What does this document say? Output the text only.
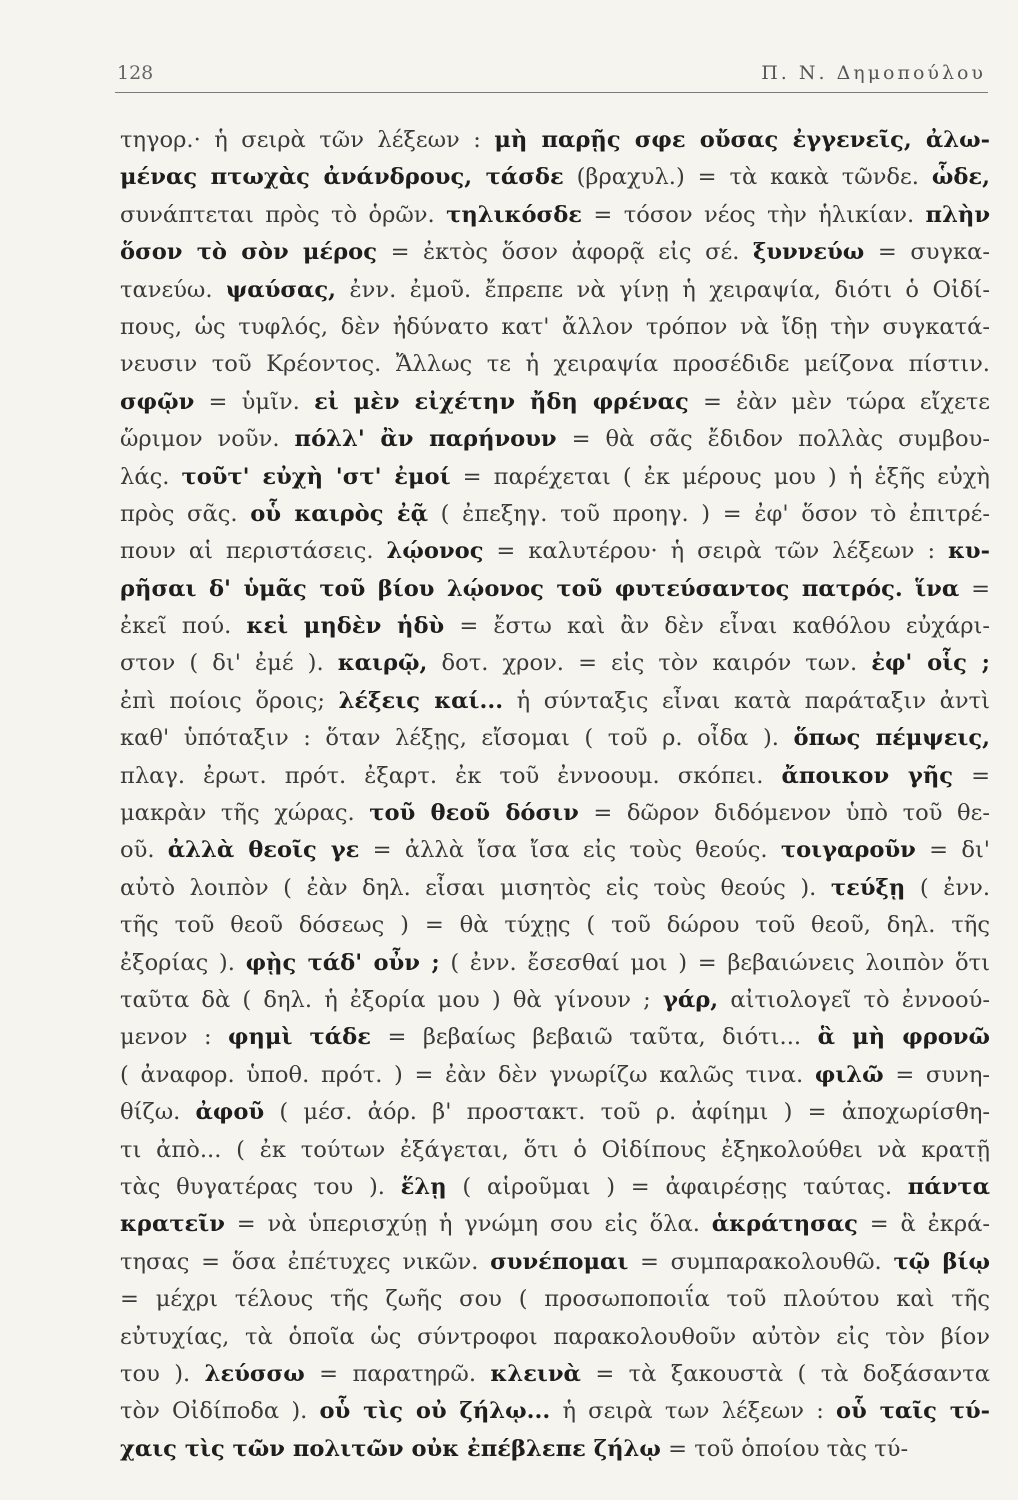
128	Π. Ν. Δημοπούλου
τηγορ.· ἡ σειρὰ τῶν λέξεων : μὴ παρῇς σφε οὔσας ἐγγενεῖς, ἀλω-
μένας πτωχὰς ἀνάνδρους, τάσδε (βραχυλ.) = τὰ κακὰ τῶνδε. ὧδε,
συνάπτεται πρὸς τὸ ὁρῶν. τηλικόσδε = τόσον νέος τὴν ἡλικίαν. πλὴν
ὅσον τὸ σὸν μέρος = ἐκτὸς ὅσον ἀφορᾷ εἰς σέ. ξυννεύω = συγκα-
τανεύω. ψαύσας, ἐνν. ἐμοῦ. ἔπρεπε νὰ γίνῃ ἡ χειραψία, διότι ὁ Οἰδί-
πους, ὡς τυφλός, δὲν ἠδύνατο κατ' ἄλλον τρόπον νὰ ἴδῃ τὴν συγκατά-
νευσιν τοῦ Κρέοντος. Ἄλλως τε ἡ χειραψία προσέδιδε μείζονα πίστιν.
σφῷν = ὑμῖν. εἰ μὲν εἰχέτην ἤδη φρένας = ἐὰν μὲν τώρα εἴχετε
ὥριμον νοῦν. πόλλ' ἂν παρήνουν = θὰ σᾶς ἔδιδον πολλὰς συμβου-
λάς. τοῦτ' εὐχὴ 'στ' ἐμοί = παρέχεται ( ἐκ μέρους μου ) ἡ ἑξῆς εὐχὴ
πρὸς σᾶς. οὗ καιρὸς ἐᾷ ( ἐπεξηγ. τοῦ προηγ. ) = ἐφ' ὅσον τὸ ἐπιτρέ-
πουν αἱ περιστάσεις. λῴονος = καλυτέρου· ἡ σειρὰ τῶν λέξεων : κυ-
ρῆσαι δ' ὑμᾶς τοῦ βίου λῴονος τοῦ φυτεύσαντος πατρός. ἵνα =
ἐκεῖ πού. κεἰ μηδὲν ἡδὺ = ἔστω καὶ ἂν δὲν εἶναι καθόλου εὐχάρι-
στον ( δι' ἐμέ ). καιρῷ, δοτ. χρον. = εἰς τὸν καιρόν των. ἐφ' οἷς ;
ἐπὶ ποίοις ὅροις; λέξεις καί... ἡ σύνταξις εἶναι κατὰ παράταξιν ἀντὶ
καθ' ὑπόταξιν : ὅταν λέξῃς, εἴσομαι ( τοῦ ρ. οἶδα ). ὅπως πέμψεις,
πλαγ. ἐρωτ. πρότ. ἐξαρτ. ἐκ τοῦ ἐννοουμ. σκόπει. ἄποικον γῆς =
μακρὰν τῆς χώρας. τοῦ θεοῦ δόσιν = δῶρον διδόμενον ὑπὸ τοῦ θε-
οῦ. ἀλλὰ θεοῖς γε = ἀλλὰ ἴσα ἴσα εἰς τοὺς θεούς. τοιγαροῦν = δι'
αὐτὸ λοιπὸν ( ἐὰν δηλ. εἶσαι μισητὸς εἰς τοὺς θεούς ). τεύξῃ ( ἐνν.
τῆς τοῦ θεοῦ δόσεως ) = θὰ τύχῃς ( τοῦ δώρου τοῦ θεοῦ, δηλ. τῆς
ἐξορίας ). φῂς τάδ' οὖν ; ( ἐνν. ἔσεσθαί μοι ) = βεβαιώνεις λοιπὸν ὅτι
ταῦτα δὰ ( δηλ. ἡ ἐξορία μου ) θὰ γίνουν ; γάρ, αἰτιολογεῖ τὸ ἐννοού-
μενον : φημὶ τάδε = βεβαίως βεβαιῶ ταῦτα, διότι... ἃ μὴ φρονῶ
( ἀναφορ. ὑποθ. πρότ. ) = ἐὰν δὲν γνωρίζω καλῶς τινα. φιλῶ = συνη-
θίζω. ἀφοῦ ( μέσ. ἀόρ. β' προστακτ. τοῦ ρ. ἀφίημι ) = ἀποχωρίσθη-
τι ἀπὸ... ( ἐκ τούτων ἐξάγεται, ὅτι ὁ Οἰδίπους ἐξηκολούθει νὰ κρατῇ
τὰς θυγατέρας του ). ἕλῃ ( αἱροῦμαι ) = ἀφαιρέσῃς ταύτας. πάντα
κρατεῖν = νὰ ὑπερισχύῃ ἡ γνώμη σου εἰς ὅλα. ἁκράτησας = ἃ ἐκρά-
τησας = ὅσα ἐπέτυχες νικῶν. συνέπομαι = συμπαρακολουθῶ. τῷ βίῳ
= μέχρι τέλους τῆς ζωῆς σου ( προσωποποιΐα τοῦ πλούτου καὶ τῆς
εὐτυχίας, τὰ ὁποῖα ὡς σύντροφοι παρακολουθοῦν αὐτὸν εἰς τὸν βίον
του ). λεύσσω = παρατηρῶ. κλεινὰ = τὰ ξακουστὰ ( τὰ δοξάσαντα
τὸν Οἰδίποδα ). οὗ τὶς οὐ ζήλῳ... ἡ σειρὰ των λέξεων : οὗ ταῖς τύ-
χαις τὶς τῶν πολιτῶν οὐκ ἐπέβλεπε ζήλῳ = τοῦ ὁποίου τὰς τύ-
